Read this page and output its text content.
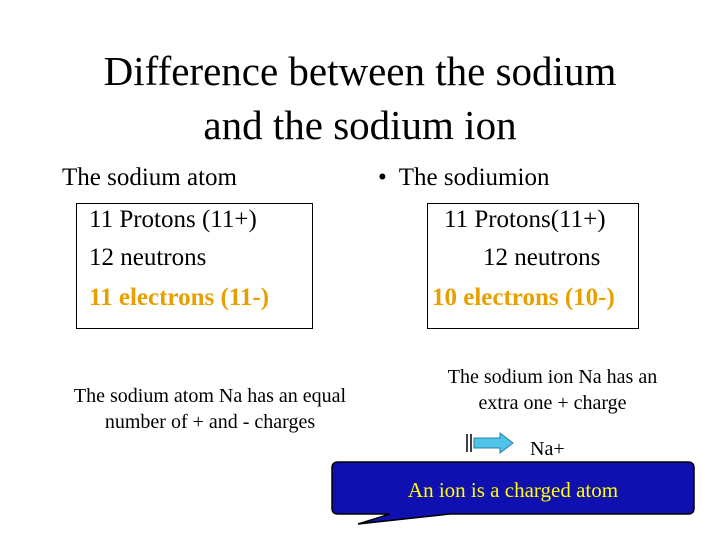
Difference between the sodium
and the sodium ion
The sodium atom
11 Protons (11+)
12 neutrons
11 electrons (11-)
• The sodiumion
11 Protons(11+)
12 neutrons
10 electrons (10-)
The sodium atom Na has an equal
number of + and - charges
The sodium ion Na has an
extra one + charge
Na+
An ion is a charged atom
